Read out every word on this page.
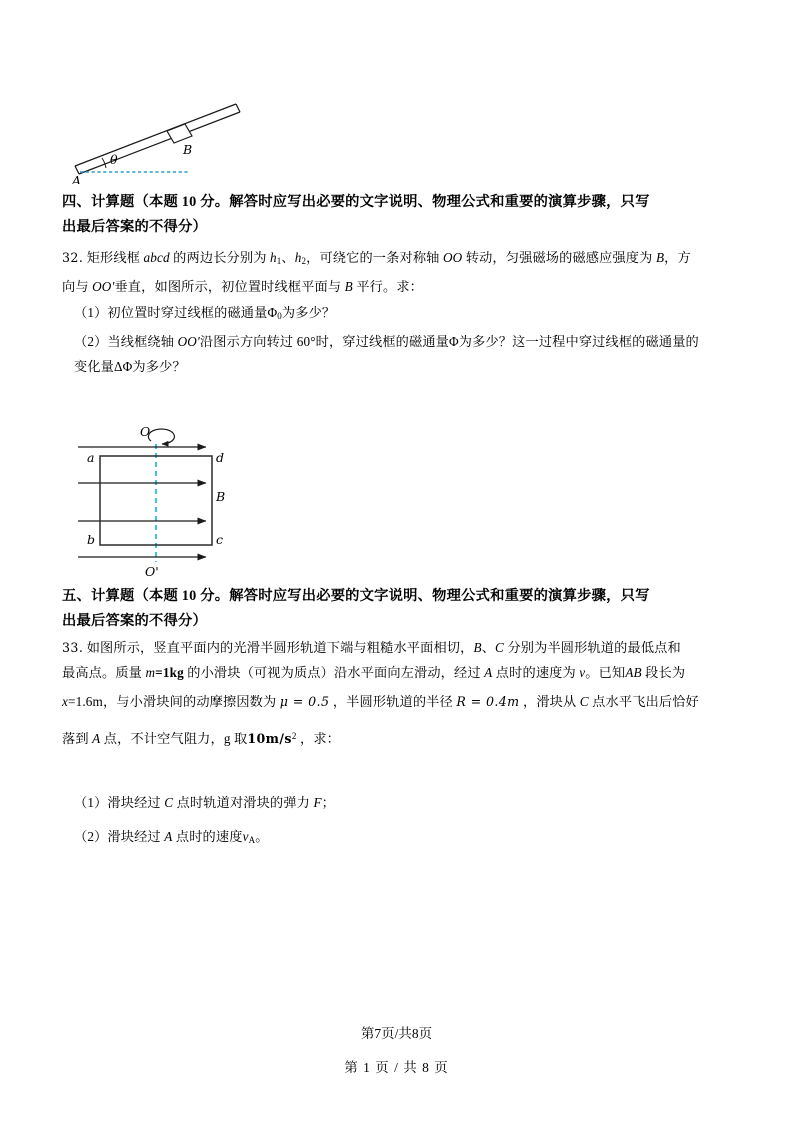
θ
B
A
四、计算题（本题 10 分。解答时应写出必要的文字说明、物理公式和重要的演算步骤，只写
出最后答案的不得分）
32. 矩形线框 abcd 的两边长分别为 $h_1$、$h_2$，可绕它的一条对称轴 OO 转动，匀强磁场的磁感应强度为 B，方
向与 OO'垂直，如图所示，初位置时线框平面与 B 平行。求：
（1）初位置时穿过线框的磁通量$\Phi_0$为多少？
（2）当线框绕轴 OO'沿图示方向转过 60°时，穿过线框的磁通量Φ为多少？这一过程中穿过线框的磁通量的
变化量ΔΦ为多少？
O
a	d
b	c
B
O'
五、计算题（本题 10 分。解答时应写出必要的文字说明、物理公式和重要的演算步骤，只写
出最后答案的不得分）
33. 如图所示，竖直平面内的光滑半圆形轨道下端与粗糙水平面相切，B、C 分别为半圆形轨道的最低点和
最高点。质量 m=1kg 的小滑块（可视为质点）沿水平面向左滑动，经过 A 点时的速度为 v。已知AB 段长为
x=1.6m，与小滑块间的动摩擦因数为 μ = 0.5 ，半圆形轨道的半径 R = 0.4m ，滑块从 C 点水平飞出后恰好
落到 A 点，不计空气阻力，g 取$10m/s^2$ ，求：
（1）滑块经过 C 点时轨道对滑块的弹力 F；
（2）滑块经过 A 点时的速度$v_A$。
第7页/共8页
第 1 页 / 共 8 页
